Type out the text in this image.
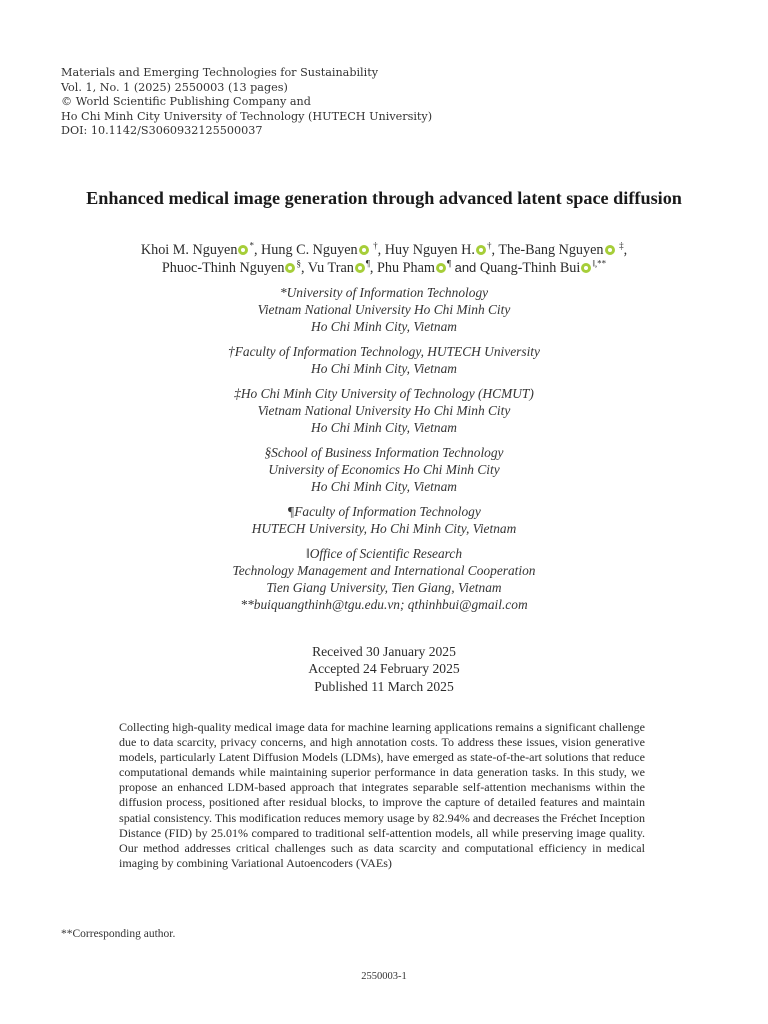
Materials and Emerging Technologies for Sustainability
Vol. 1, No. 1 (2025) 2550003 (13 pages)
© World Scientific Publishing Company and
Ho Chi Minh City University of Technology (HUTECH University)
DOI: 10.1142/S3060932125500037
Enhanced medical image generation through advanced latent space diffusion
Khoi M. Nguyen *, Hung C. Nguyen †, Huy Nguyen H. †, The-Bang Nguyen ‡,
Phuoc-Thinh Nguyen §, Vu Tran ¶, Phu Pham ¶ and Quang-Thinh Bui ‖,**
*University of Information Technology
Vietnam National University Ho Chi Minh City
Ho Chi Minh City, Vietnam
†Faculty of Information Technology, HUTECH University
Ho Chi Minh City, Vietnam
‡Ho Chi Minh City University of Technology (HCMUT)
Vietnam National University Ho Chi Minh City
Ho Chi Minh City, Vietnam
§School of Business Information Technology
University of Economics Ho Chi Minh City
Ho Chi Minh City, Vietnam
¶Faculty of Information Technology
HUTECH University, Ho Chi Minh City, Vietnam
‖Office of Scientific Research
Technology Management and International Cooperation
Tien Giang University, Tien Giang, Vietnam
**buiquangthinh@tgu.edu.vn; qthinhbui@gmail.com
Received 30 January 2025
Accepted 24 February 2025
Published 11 March 2025
Collecting high-quality medical image data for machine learning applications remains a significant challenge due to data scarcity, privacy concerns, and high annotation costs. To address these issues, vision generative models, particularly Latent Diffusion Models (LDMs), have emerged as state-of-the-art solutions that reduce computational demands while maintaining superior performance in data generation tasks. In this study, we propose an enhanced LDM-based approach that integrates separable self-attention mechanisms within the diffusion process, positioned after residual blocks, to improve the capture of detailed features and maintain spatial consistency. This modification reduces memory usage by 82.94% and decreases the Fréchet Inception Distance (FID) by 25.01% compared to traditional self-attention models, all while preserving image quality. Our method addresses critical challenges such as data scarcity and computational efficiency in medical imaging by combining Variational Autoencoders (VAEs)
**Corresponding author.
2550003-1
